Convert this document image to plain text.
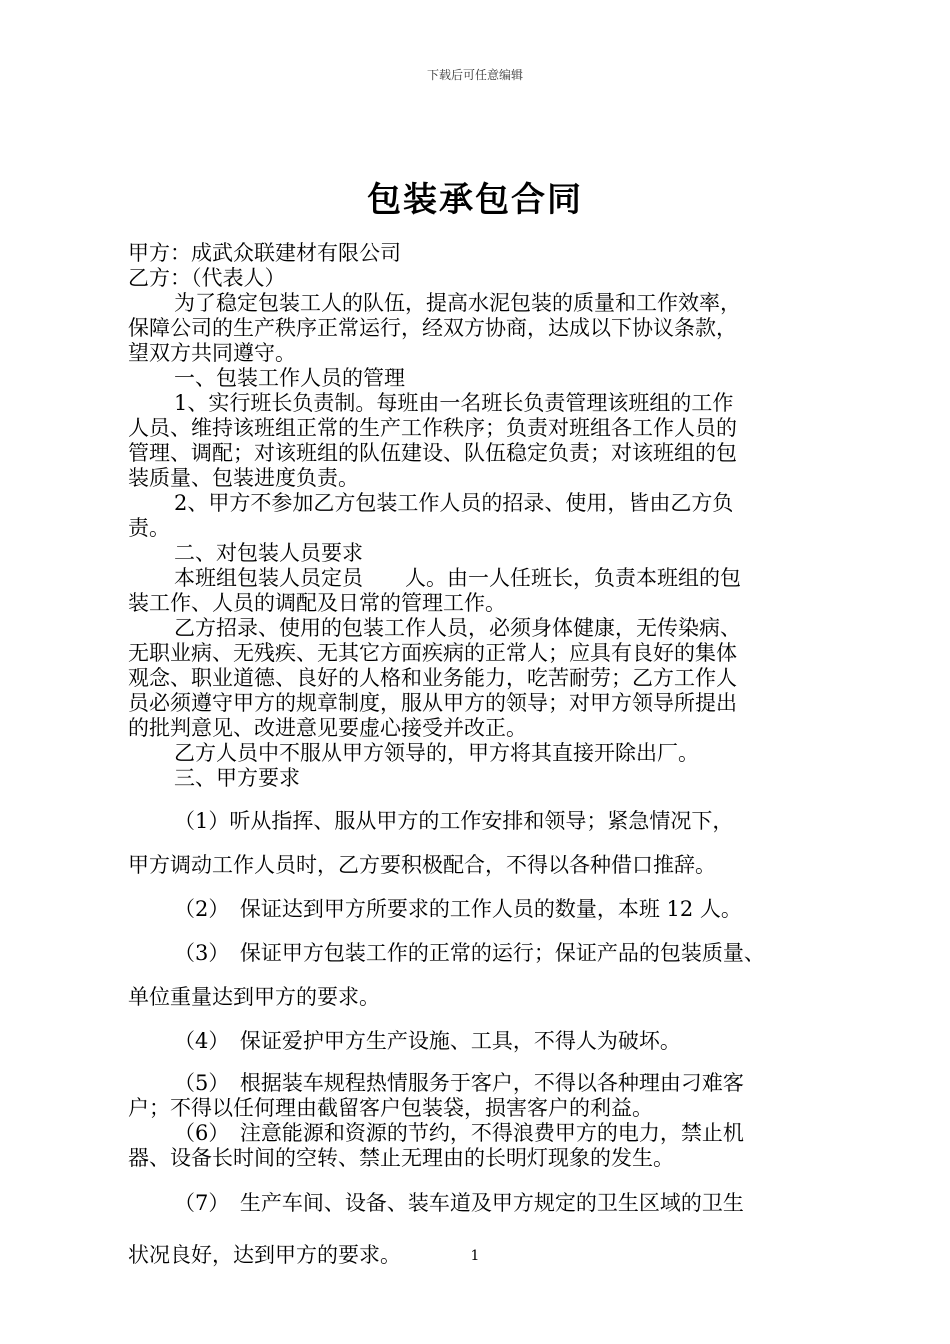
下载后可任意编辑
包装承包合同

甲方：成武众联建材有限公司

乙方：（代表人）

为了稳定包装工人的队伍，提高水泥包装的质量和工作效率，

保障公司的生产秩序正常运行，经双方协商，达成以下协议条款，

望双方共同遵守。

一、包装工作人员的管理

1、实行班长负责制。每班由一名班长负责管理该班组的工作

人员、维持该班组正常的生产工作秩序；负责对班组各工作人员的

管理、调配；对该班组的队伍建设、队伍稳定负责；对该班组的包

装质量、包装进度负责。

2、甲方不参加乙方包装工作人员的招录、使用，皆由乙方负

责。

二、对包装人员要求

本班组包装人员定员　　人。由一人任班长，负责本班组的包

装工作、人员的调配及日常的管理工作。

乙方招录、使用的包装工作人员，必须身体健康，无传染病、

无职业病、无残疾、无其它方面疾病的正常人；应具有良好的集体

观念、职业道德、良好的人格和业务能力，吃苦耐劳；乙方工作人

员必须遵守甲方的规章制度，服从甲方的领导；对甲方领导所提出

的批判意见、改进意见要虚心接受并改正。

乙方人员中不服从甲方领导的，甲方将其直接开除出厂。

三、甲方要求

（1）听从指挥、服从甲方的工作安排和领导；紧急情况下，

甲方调动工作人员时，乙方要积极配合，不得以各种借口推辞。

（2）　保证达到甲方所要求的工作人员的数量，本班 12 人。

（3）　保证甲方包装工作的正常的运行；保证产品的包装质量、

单位重量达到甲方的要求。

（4）　保证爱护甲方生产设施、工具，不得人为破坏。

（5）　根据装车规程热情服务于客户，不得以各种理由刁难客

户；不得以任何理由截留客户包装袋，损害客户的利益。

（6）　注意能源和资源的节约，不得浪费甲方的电力，禁止机

器、设备长时间的空转、禁止无理由的长明灯现象的发生。

（7）　生产车间、设备、装车道及甲方规定的卫生区域的卫生

状况良好，达到甲方的要求。	1
